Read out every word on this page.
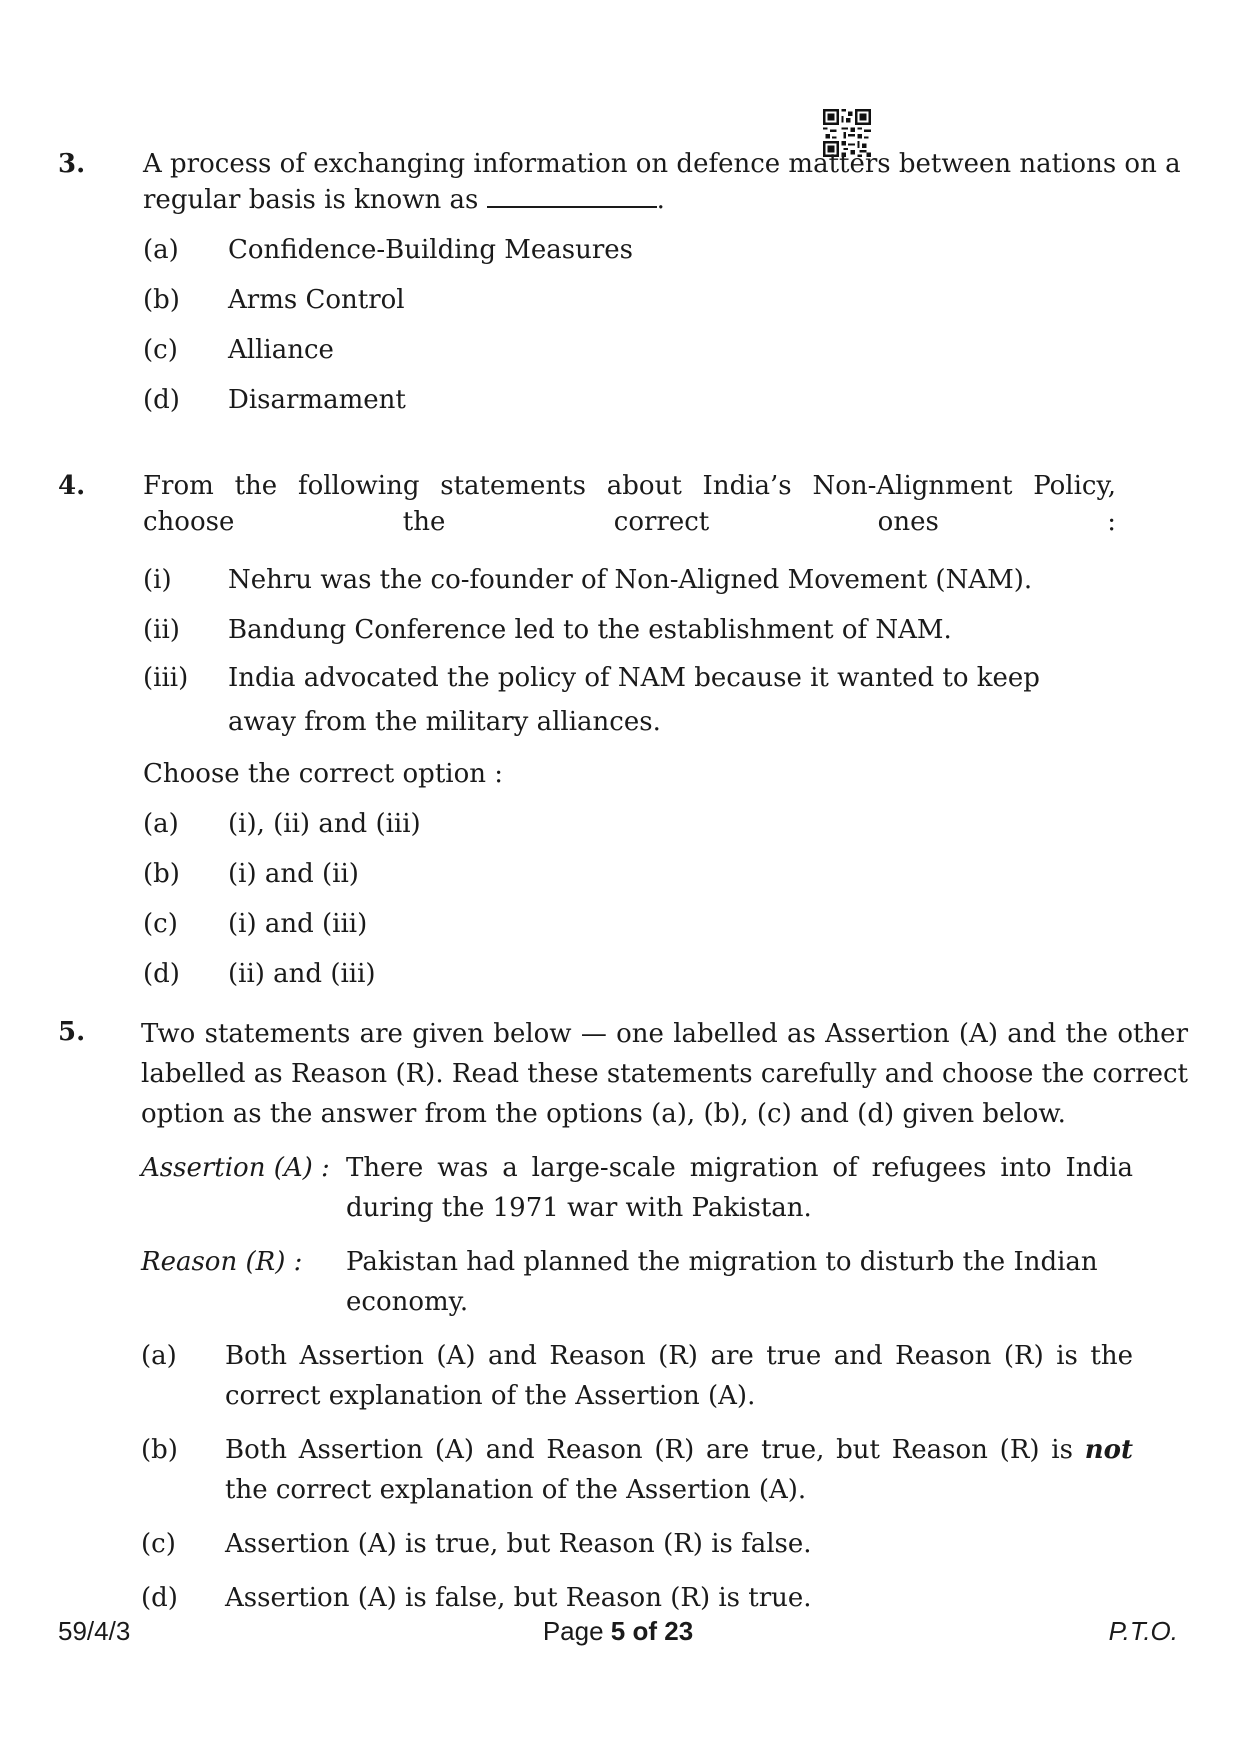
3. A process of exchanging information on defence matters between nations on a regular basis is known as	.

(a) Confidence-Building Measures
(b) Arms Control
(c) Alliance
(d) Disarmament
4. From the following statements about India’s Non-Alignment Policy, choose the correct ones :

(i) Nehru was the co-founder of Non-Aligned Movement (NAM).
(ii) Bandung Conference led to the establishment of NAM.
(iii) India advocated the policy of NAM because it wanted to keep away from the military alliances.
Choose the correct option :
(a) (i), (ii) and (iii)
(b) (i) and (ii)
(c) (i) and (iii)
(d) (ii) and (iii)
5. Two statements are given below — one labelled as Assertion (A) and the other labelled as Reason (R). Read these statements carefully and choose the correct option as the answer from the options (a), (b), (c) and (d) given below.

Assertion (A) : There was a large-scale migration of refugees into India during the 1971 war with Pakistan.
Reason (R) : Pakistan had planned the migration to disturb the Indian economy.
(a) Both Assertion (A) and Reason (R) are true and Reason (R) is the correct explanation of the Assertion (A).
(b) Both Assertion (A) and Reason (R) are true, but Reason (R) is not the correct explanation of the Assertion (A).
(c) Assertion (A) is true, but Reason (R) is false.
(d) Assertion (A) is false, but Reason (R) is true.
59/4/3	Page 5 of 23	P.T.O.
